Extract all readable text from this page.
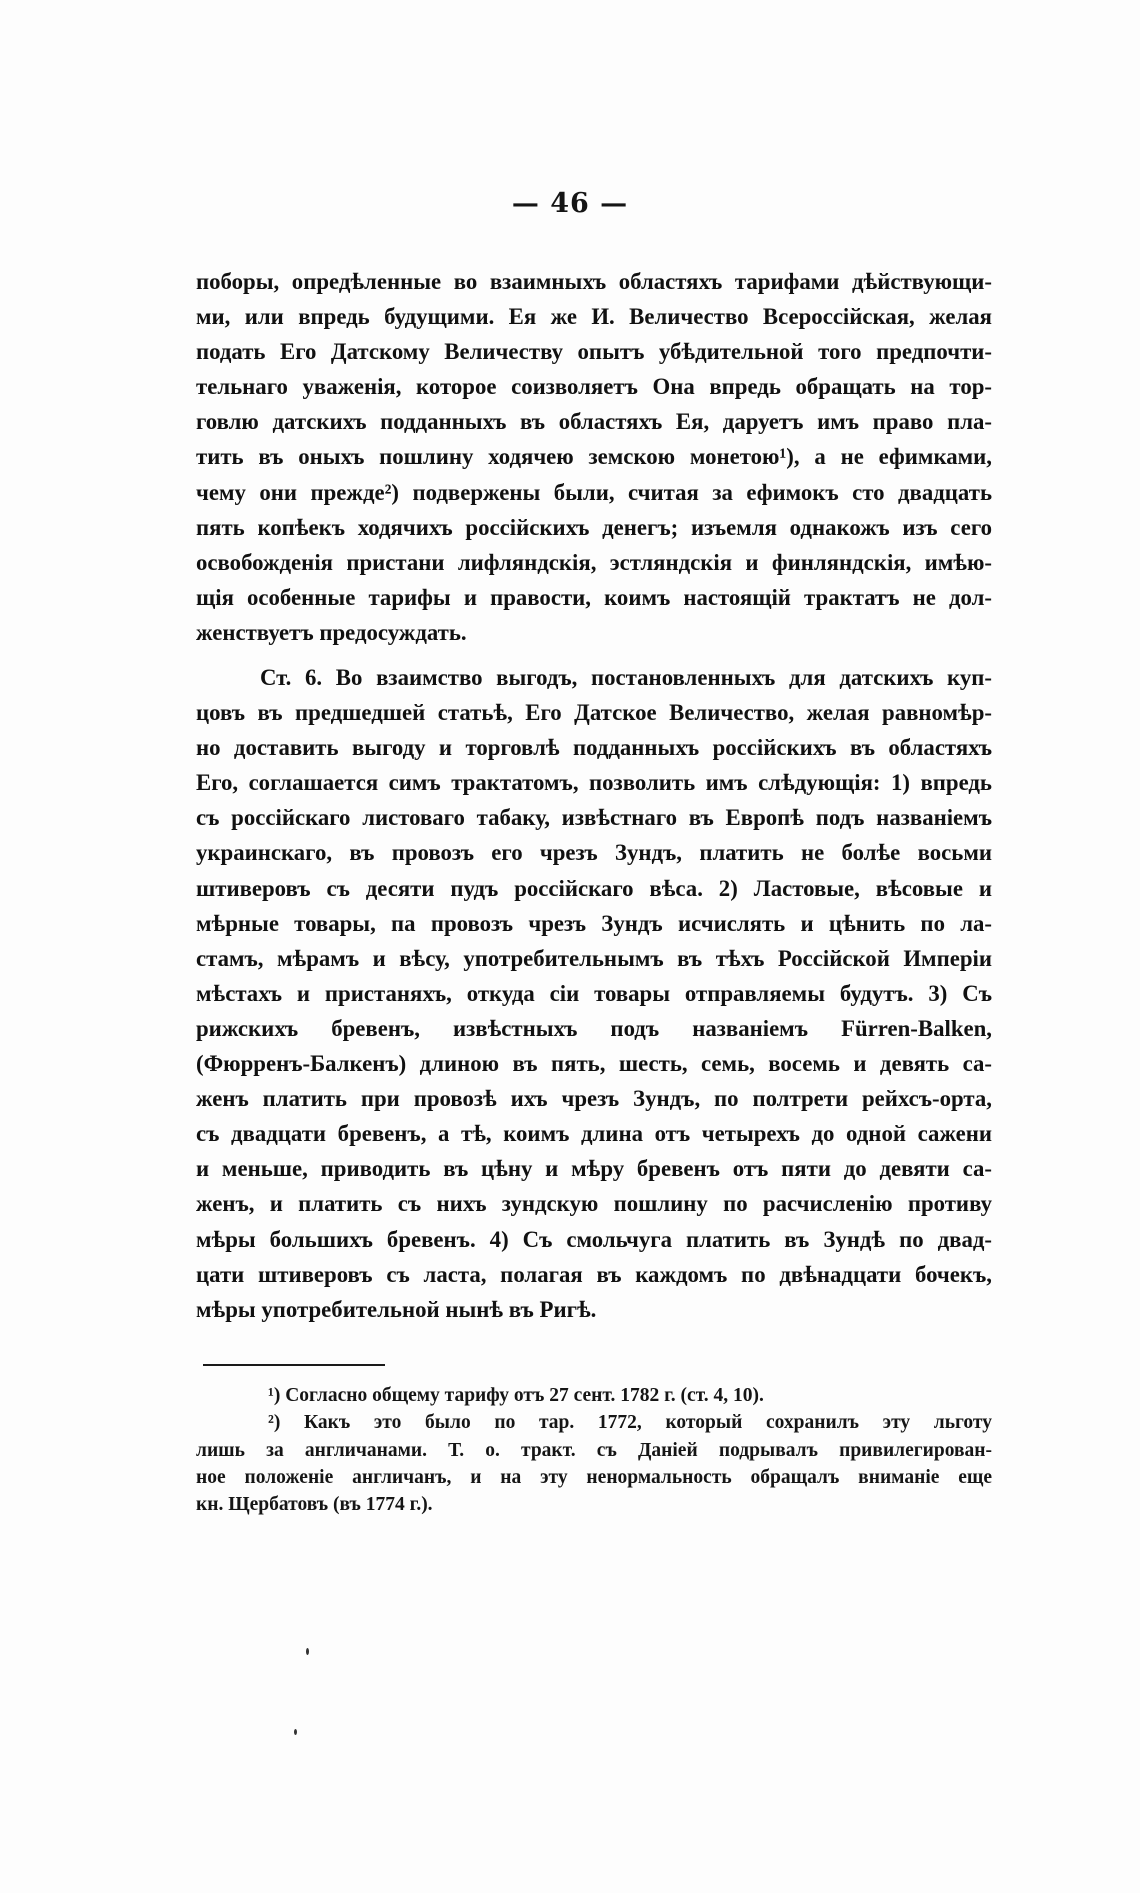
— 46 —
поборы, опредѣленные во взаимныхъ областяхъ тарифами дѣйствующи-
ми, или впредь будущими. Ея же И. Величество Всероссійская, желая
подать Его Датскому Величеству опытъ убѣдительной того предпочти-
тельнаго уваженія, которое соизволяетъ Она впредь обращать на тор-
говлю датскихъ подданныхъ въ областяхъ Ея, даруетъ имъ право пла-
тить въ оныхъ пошлину ходячею земскою монетою¹), а не ефимками,
чему они прежде²) подвержены были, считая за ефимокъ сто двадцать
пять копѣекъ ходячихъ россійскихъ денегъ; изъемля однакожъ изъ сего
освобожденія пристани лифляндскія, эстляндскія и финляндскія, имѣю-
щія особенные тарифы и правости, коимъ настоящій трактатъ не дол-
женствуетъ предосуждать.
Ст. 6. Во взаимство выгодъ, постановленныхъ для датскихъ куп-
цовъ въ предшедшей статьѣ, Его Датское Величество, желая равномѣр-
но доставить выгоду и торговлѣ подданныхъ россійскихъ въ областяхъ
Его, соглашается симъ трактатомъ, позволить имъ слѣдующія: 1) впредь
съ россійскаго листоваго табаку, извѣстнаго въ Европѣ подъ названіемъ
украинскаго, въ провозъ его чрезъ Зундъ, платить не болѣе восьми
штиверовъ съ десяти пудъ россійскаго вѣса. 2) Ластовые, вѣсовые и
мѣрные товары, па провозъ чрезъ Зундъ исчислять и цѣнить по ла-
стамъ, мѣрамъ и вѣсу, употребительнымъ въ тѣхъ Россійской Имперіи
мѣстахъ и пристаняхъ, откуда сіи товары отправляемы будутъ. 3) Съ
рижскихъ бревенъ, извѣстныхъ подъ названіемъ Fürren-Balken,
(Фюрренъ-Балкенъ) длиною въ пять, шесть, семь, восемь и девять са-
женъ платить при провозѣ ихъ чрезъ Зундъ, по полтрети рейхсъ-орта,
съ двадцати бревенъ, а тѣ, коимъ длина отъ четырехъ до одной сажени
и меньше, приводить въ цѣну и мѣру бревенъ отъ пяти до девяти са-
женъ, и платить съ нихъ зундскую пошлину по расчисленію противу
мѣры большихъ бревенъ. 4) Съ смольчуга платить въ Зундѣ по двад-
цати штиверовъ съ ласта, полагая въ каждомъ по двѣнадцати бочекъ,
мѣры употребительной нынѣ въ Ригѣ.
¹) Согласно общему тарифу отъ 27 сент. 1782 г. (ст. 4, 10).
²) Какъ это было по тар. 1772, который сохранилъ эту льготу
лишь за англичанами. Т. о. тракт. съ Даніей подрывалъ привилегирован-
ное положеніе англичанъ, и на эту ненормальность обращалъ вниманіе еще
кн. Щербатовъ (въ 1774 г.).
